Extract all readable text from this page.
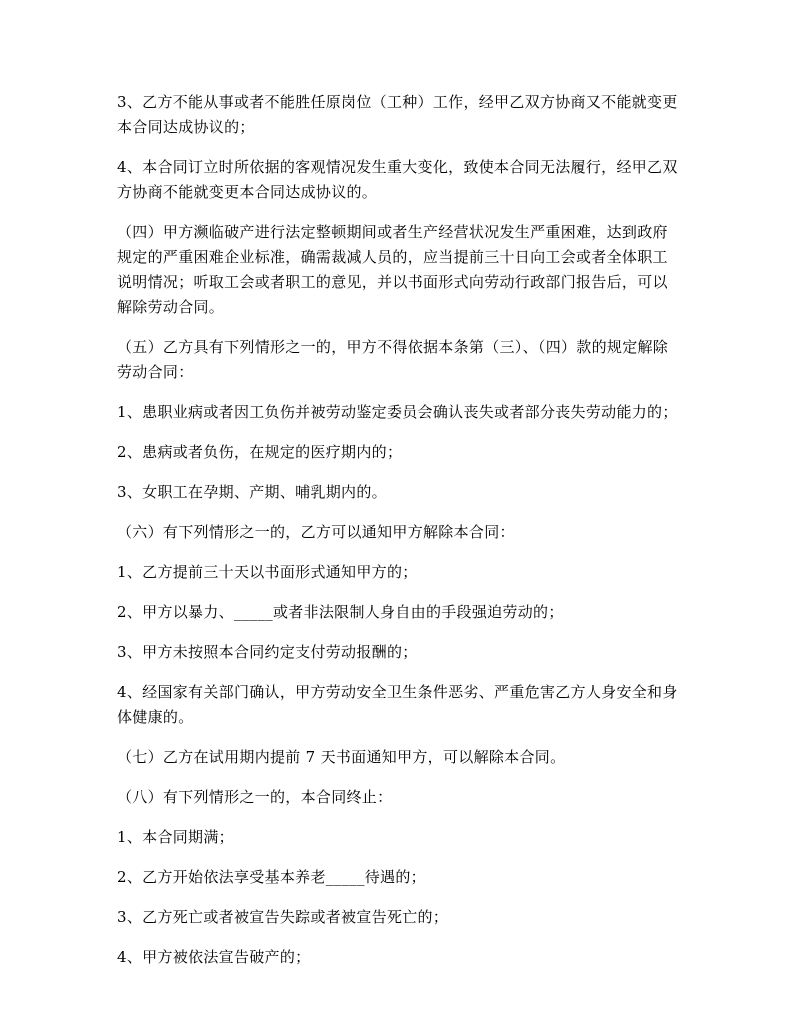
3、乙方不能从事或者不能胜任原岗位（工种）工作，经甲乙双方协商又不能就变更本合同达成协议的；

4、本合同订立时所依据的客观情况发生重大变化，致使本合同无法履行，经甲乙双方协商不能就变更本合同达成协议的。

（四）甲方濒临破产进行法定整顿期间或者生产经营状况发生严重困难，达到政府规定的严重困难企业标准，确需裁减人员的，应当提前三十日向工会或者全体职工说明情况；听取工会或者职工的意见，并以书面形式向劳动行政部门报告后，可以解除劳动合同。

（五）乙方具有下列情形之一的，甲方不得依据本条第（三）、（四）款的规定解除劳动合同：

1、患职业病或者因工负伤并被劳动鉴定委员会确认丧失或者部分丧失劳动能力的；

2、患病或者负伤，在规定的医疗期内的；

3、女职工在孕期、产期、哺乳期内的。

（六）有下列情形之一的，乙方可以通知甲方解除本合同：

1、乙方提前三十天以书面形式通知甲方的；

2、甲方以暴力、_____或者非法限制人身自由的手段强迫劳动的；

3、甲方未按照本合同约定支付劳动报酬的；

4、经国家有关部门确认，甲方劳动安全卫生条件恶劣、严重危害乙方人身安全和身体健康的。

（七）乙方在试用期内提前 7 天书面通知甲方，可以解除本合同。

（八）有下列情形之一的，本合同终止：

1、本合同期满；

2、乙方开始依法享受基本养老_____待遇的；

3、乙方死亡或者被宣告失踪或者被宣告死亡的；

4、甲方被依法宣告破产的；
